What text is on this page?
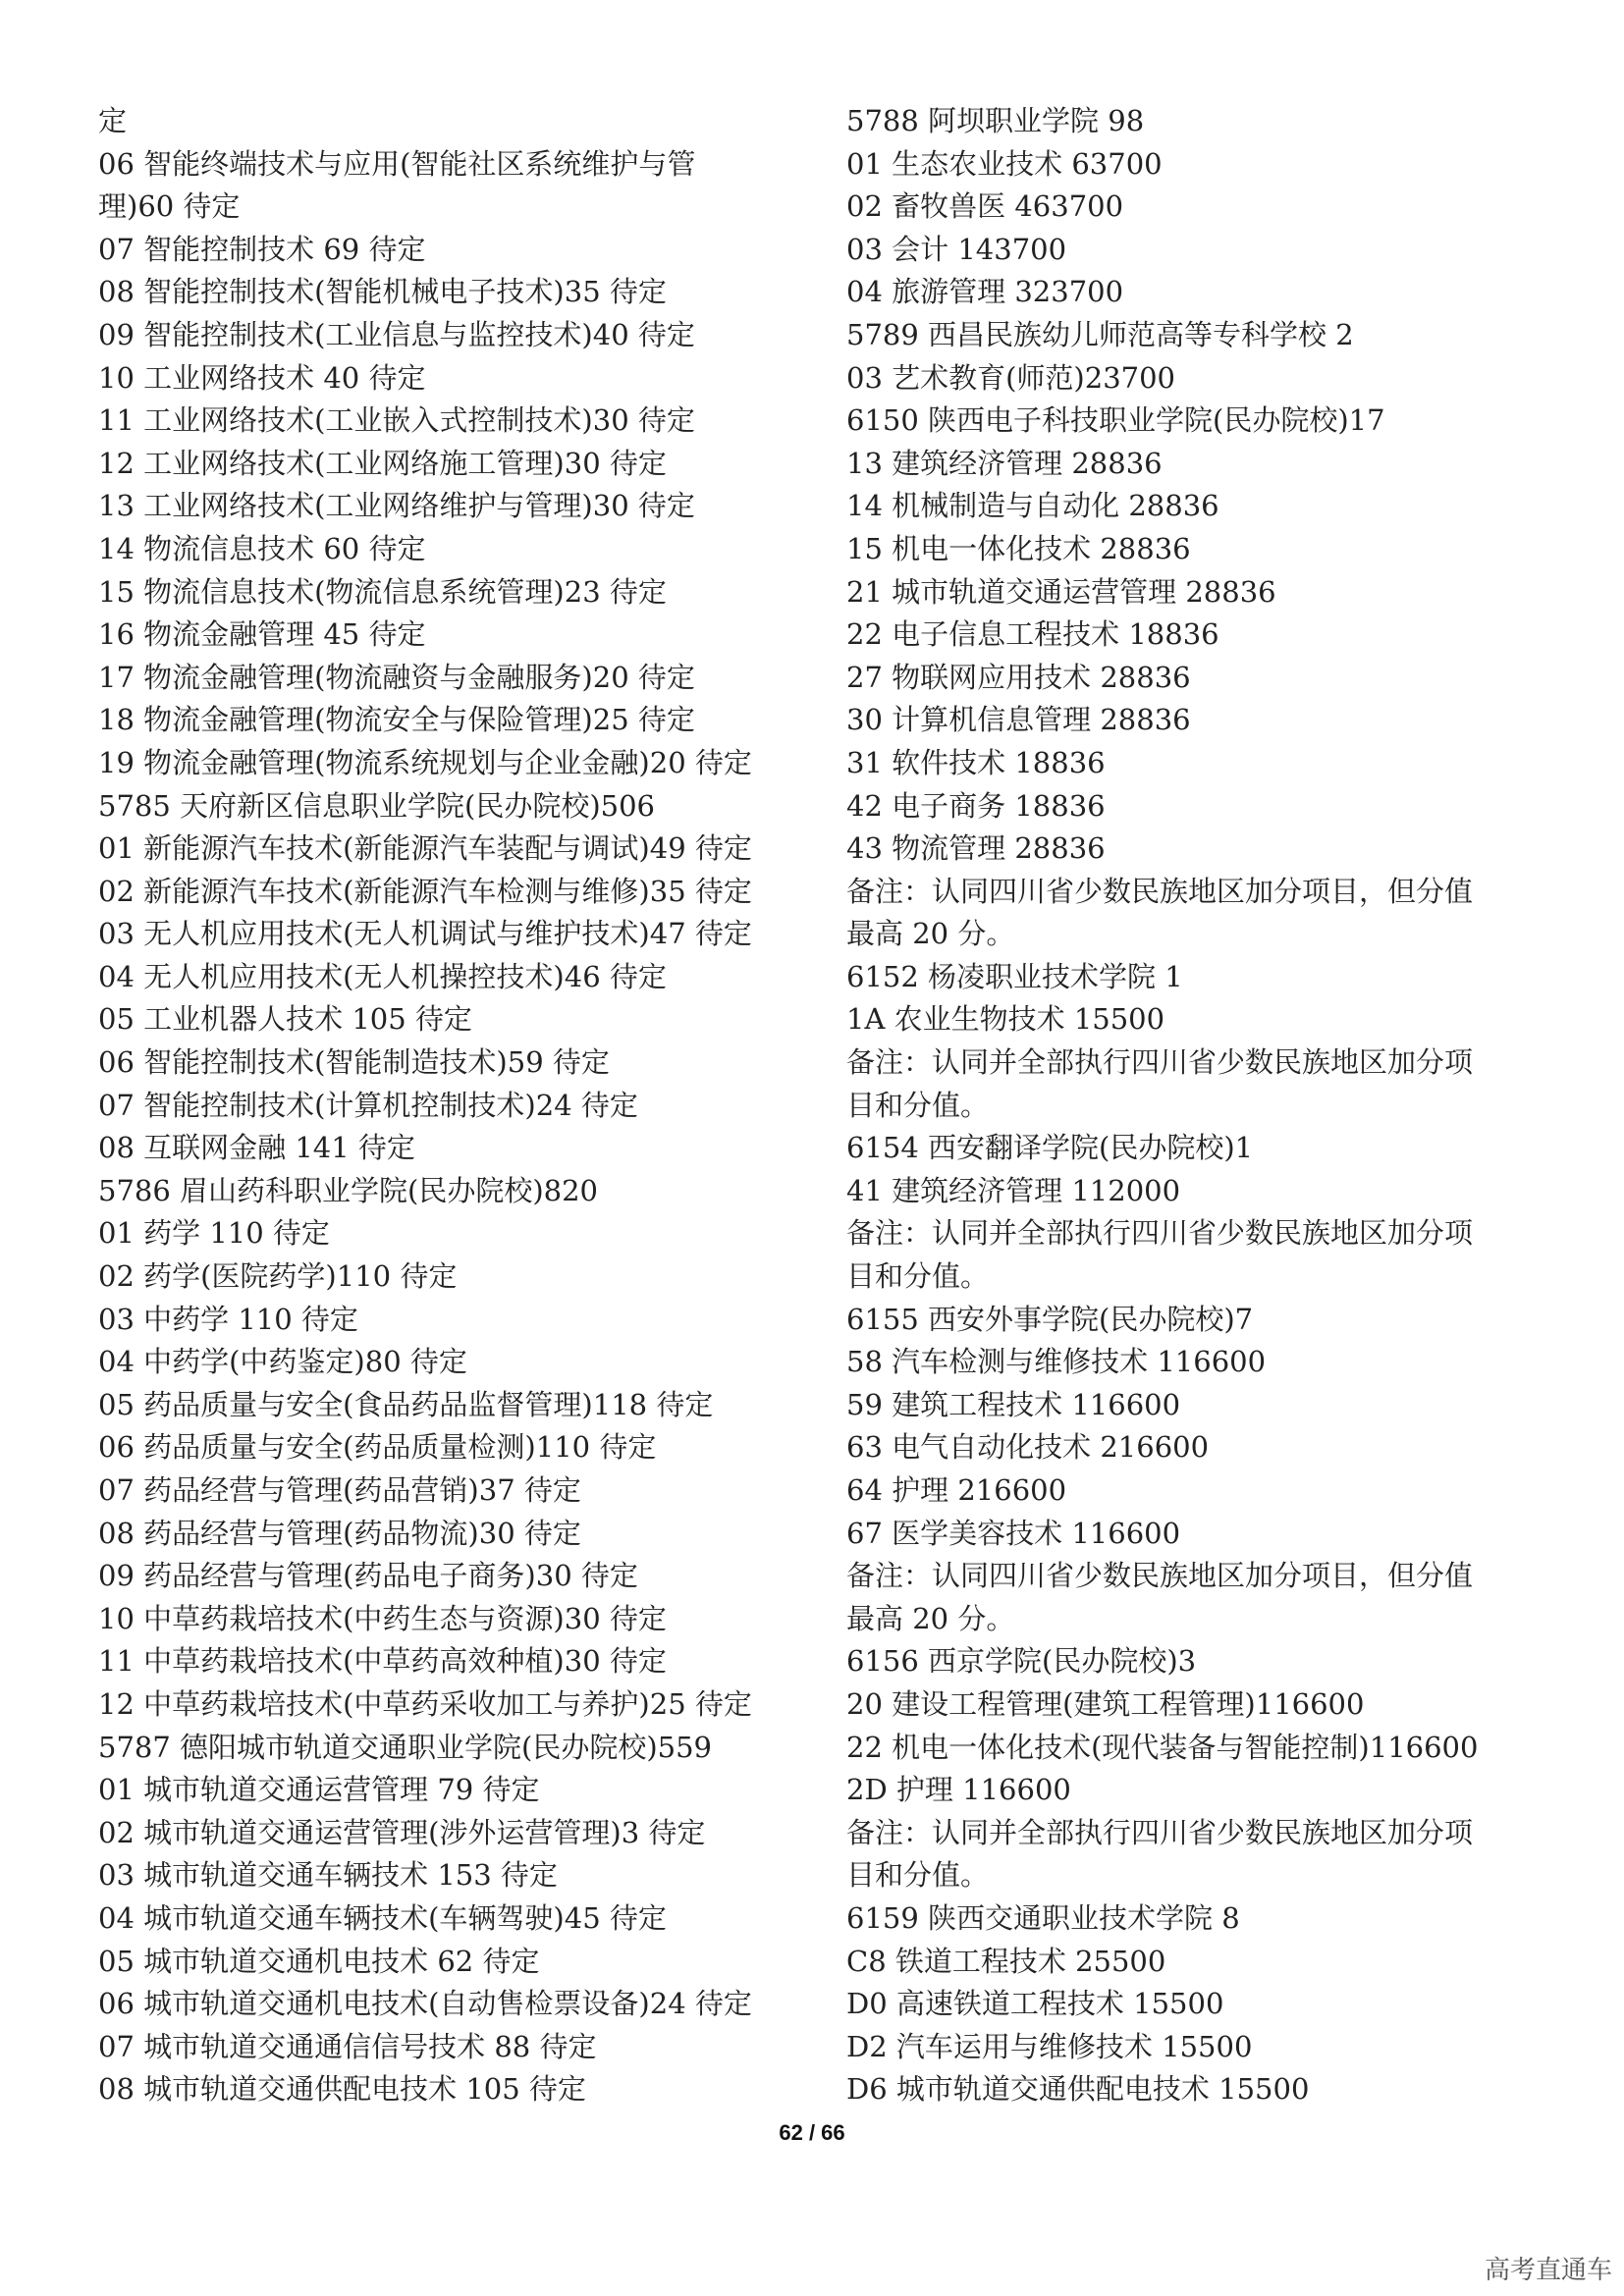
定
06 智能终端技术与应用(智能社区系统维护与管
理)60 待定
07 智能控制技术 69 待定
08 智能控制技术(智能机械电子技术)35 待定
09 智能控制技术(工业信息与监控技术)40 待定
10 工业网络技术 40 待定
11 工业网络技术(工业嵌入式控制技术)30 待定
12 工业网络技术(工业网络施工管理)30 待定
13 工业网络技术(工业网络维护与管理)30 待定
14 物流信息技术 60 待定
15 物流信息技术(物流信息系统管理)23 待定
16 物流金融管理 45 待定
17 物流金融管理(物流融资与金融服务)20 待定
18 物流金融管理(物流安全与保险管理)25 待定
19 物流金融管理(物流系统规划与企业金融)20 待定
5785 天府新区信息职业学院(民办院校)506
01 新能源汽车技术(新能源汽车装配与调试)49 待定
02 新能源汽车技术(新能源汽车检测与维修)35 待定
03 无人机应用技术(无人机调试与维护技术)47 待定
04 无人机应用技术(无人机操控技术)46 待定
05 工业机器人技术 105 待定
06 智能控制技术(智能制造技术)59 待定
07 智能控制技术(计算机控制技术)24 待定
08 互联网金融 141 待定
5786 眉山药科职业学院(民办院校)820
01 药学 110 待定
02 药学(医院药学)110 待定
03 中药学 110 待定
04 中药学(中药鉴定)80 待定
05 药品质量与安全(食品药品监督管理)118 待定
06 药品质量与安全(药品质量检测)110 待定
07 药品经营与管理(药品营销)37 待定
08 药品经营与管理(药品物流)30 待定
09 药品经营与管理(药品电子商务)30 待定
10 中草药栽培技术(中药生态与资源)30 待定
11 中草药栽培技术(中草药高效种植)30 待定
12 中草药栽培技术(中草药采收加工与养护)25 待定
5787 德阳城市轨道交通职业学院(民办院校)559
01 城市轨道交通运营管理 79 待定
02 城市轨道交通运营管理(涉外运营管理)3 待定
03 城市轨道交通车辆技术 153 待定
04 城市轨道交通车辆技术(车辆驾驶)45 待定
05 城市轨道交通机电技术 62 待定
06 城市轨道交通机电技术(自动售检票设备)24 待定
07 城市轨道交通通信信号技术 88 待定
08 城市轨道交通供配电技术 105 待定
5788 阿坝职业学院 98
01 生态农业技术 63700
02 畜牧兽医 463700
03 会计 143700
04 旅游管理 323700
5789 西昌民族幼儿师范高等专科学校 2
03 艺术教育(师范)23700
6150 陕西电子科技职业学院(民办院校)17
13 建筑经济管理 28836
14 机械制造与自动化 28836
15 机电一体化技术 28836
21 城市轨道交通运营管理 28836
22 电子信息工程技术 18836
27 物联网应用技术 28836
30 计算机信息管理 28836
31 软件技术 18836
42 电子商务 18836
43 物流管理 28836
备注：认同四川省少数民族地区加分项目，但分值
最高 20 分。
6152 杨凌职业技术学院 1
1A 农业生物技术 15500
备注：认同并全部执行四川省少数民族地区加分项
目和分值。
6154 西安翻译学院(民办院校)1
41 建筑经济管理 112000
备注：认同并全部执行四川省少数民族地区加分项
目和分值。
6155 西安外事学院(民办院校)7
58 汽车检测与维修技术 116600
59 建筑工程技术 116600
63 电气自动化技术 216600
64 护理 216600
67 医学美容技术 116600
备注：认同四川省少数民族地区加分项目，但分值
最高 20 分。
6156 西京学院(民办院校)3
20 建设工程管理(建筑工程管理)116600
22 机电一体化技术(现代装备与智能控制)116600
2D 护理 116600
备注：认同并全部执行四川省少数民族地区加分项
目和分值。
6159 陕西交通职业技术学院 8
C8 铁道工程技术 25500
D0 高速铁道工程技术 15500
D2 汽车运用与维修技术 15500
D6 城市轨道交通供配电技术 15500
62 / 66
高考直通车
